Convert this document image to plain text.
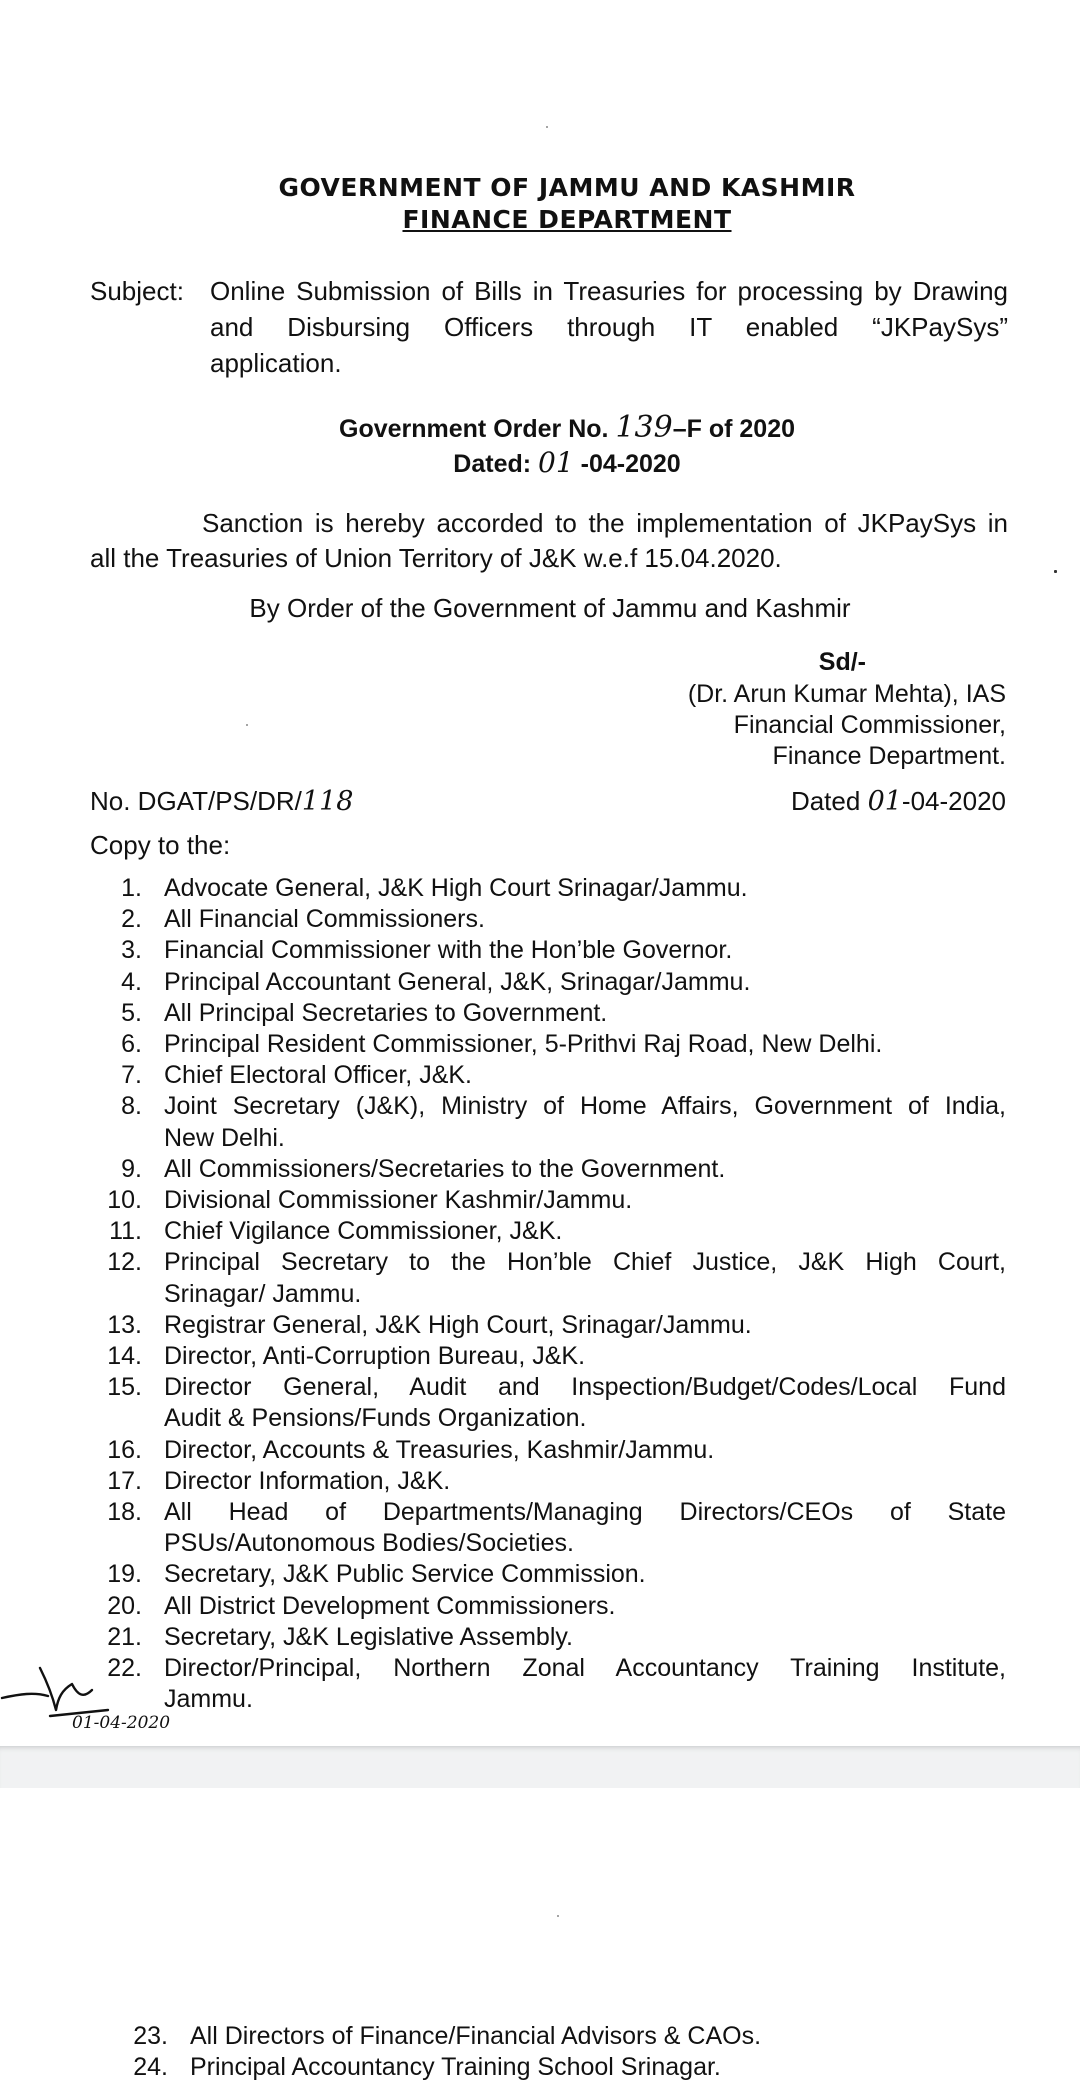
GOVERNMENT OF JAMMU AND KASHMIR
FINANCE DEPARTMENT
Subject: Online Submission of Bills in Treasuries for processing by Drawing
and Disbursing Officers through IT enabled “JKPaySys”
application.
Government Order No. 139–F of 2020
Dated: 01 -04-2020
Sanction is hereby accorded to the implementation of JKPaySys in
all the Treasuries of Union Territory of J&K w.e.f 15.04.2020.
By Order of the Government of Jammu and Kashmir
Sd/-
(Dr. Arun Kumar Mehta), IAS
Financial Commissioner,
Finance Department.
No. DGAT/PS/DR/118	Dated 01-04-2020
Copy to the:
1. Advocate General, J&K High Court Srinagar/Jammu.
2. All Financial Commissioners.
3. Financial Commissioner with the Hon’ble Governor.
4. Principal Accountant General, J&K, Srinagar/Jammu.
5. All Principal Secretaries to Government.
6. Principal Resident Commissioner, 5-Prithvi Raj Road, New Delhi.
7. Chief Electoral Officer, J&K.
8. Joint Secretary (J&K), Ministry of Home Affairs, Government of India,
New Delhi.
9. All Commissioners/Secretaries to the Government.
10. Divisional Commissioner Kashmir/Jammu.
11. Chief Vigilance Commissioner, J&K.
12. Principal Secretary to the Hon’ble Chief Justice, J&K High Court,
Srinagar/ Jammu.
13. Registrar General, J&K High Court, Srinagar/Jammu.
14. Director, Anti-Corruption Bureau, J&K.
15. Director General, Audit and Inspection/Budget/Codes/Local Fund
Audit & Pensions/Funds Organization.
16. Director, Accounts & Treasuries, Kashmir/Jammu.
17. Director Information, J&K.
18. All Head of Departments/Managing Directors/CEOs of State
PSUs/Autonomous Bodies/Societies.
19. Secretary, J&K Public Service Commission.
20. All District Development Commissioners.
21. Secretary, J&K Legislative Assembly.
22. Director/Principal, Northern Zonal Accountancy Training Institute,
Jammu.
01-04-2020
23. All Directors of Finance/Financial Advisors & CAOs.
24. Principal Accountancy Training School Srinagar.
